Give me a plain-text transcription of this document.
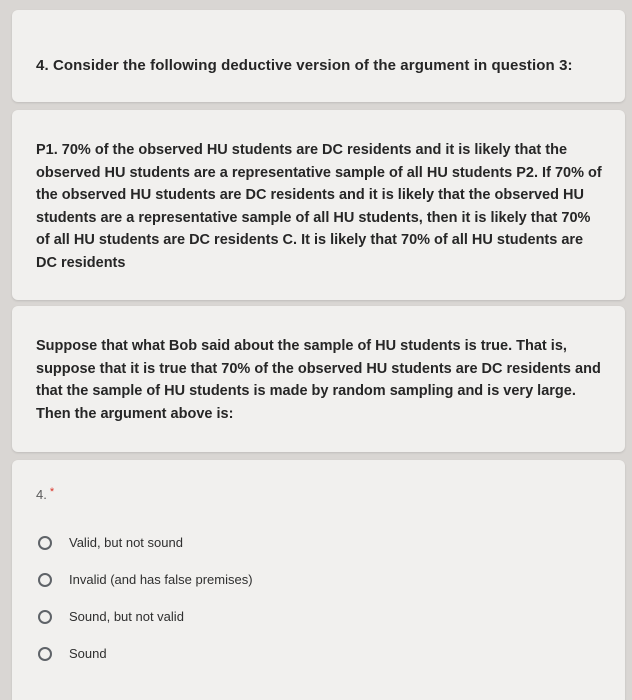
4. Consider the following deductive version of the argument in question 3:
P1. 70% of the observed HU students are DC residents and it is likely that the observed HU students are a representative sample of all HU students P2. If 70% of the observed HU students are DC residents and it is likely that the observed HU students are a representative sample of all HU students, then it is likely that 70% of all HU students are DC residents C. It is likely that 70% of all HU students are DC residents
Suppose that what Bob said about the sample of HU students is true. That is, suppose that it is true that 70% of the observed HU students are DC residents and that the sample of HU students is made by random sampling and is very large. Then the argument above is:
4. *
Valid, but not sound
Invalid (and has false premises)
Sound, but not valid
Sound
